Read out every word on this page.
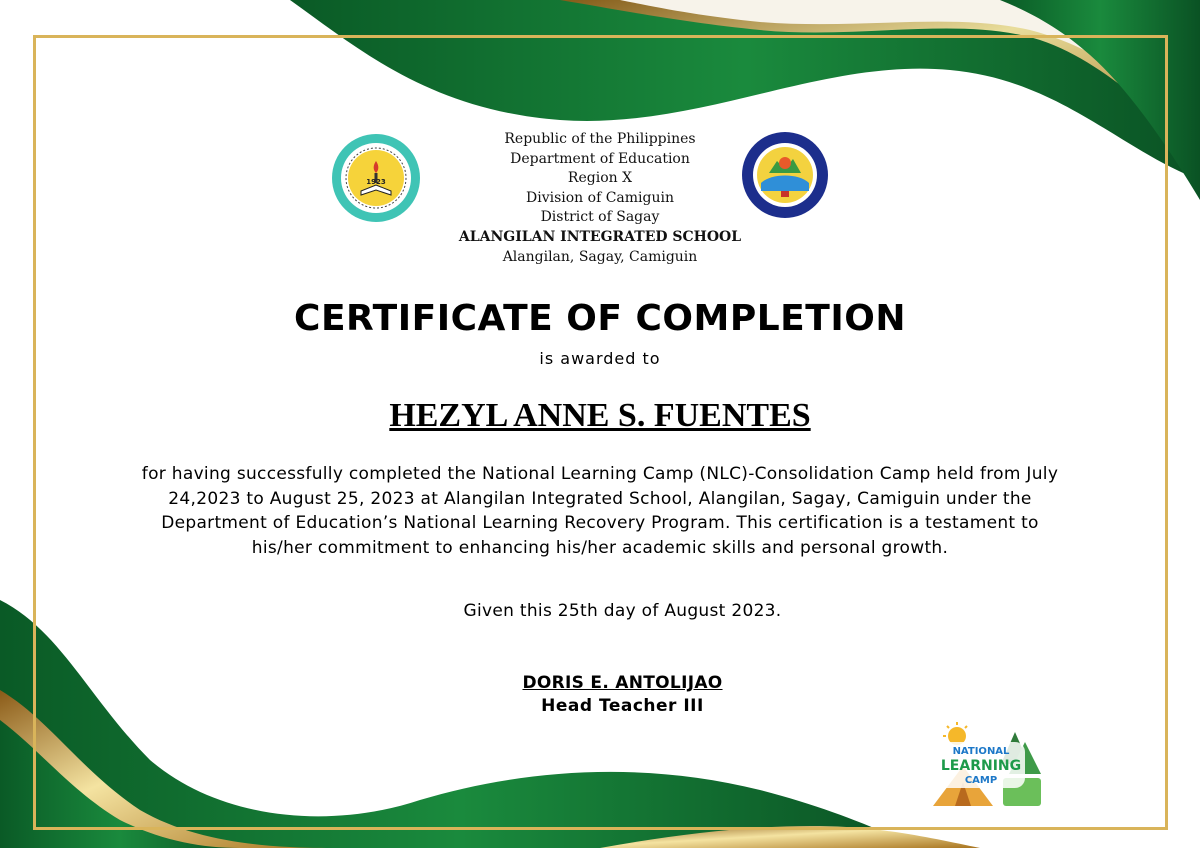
1923
Republic of the Philippines
Department of Education
Region X
Division of Camiguin
District of Sagay
ALANGILAN INTEGRATED SCHOOL
Alangilan, Sagay, Camiguin
CERTIFICATE OF COMPLETION
is awarded to
HEZYL ANNE S. FUENTES
for having successfully completed the National Learning Camp (NLC)-Consolidation Camp held from July 24,2023 to August 25, 2023 at Alangilan Integrated School, Alangilan, Sagay, Camiguin under the Department of Education’s National Learning Recovery Program. This certification is a testament to his/her commitment to enhancing his/her academic skills and personal growth.
Given this 25th day of August 2023.
DORIS E. ANTOLIJAO
Head Teacher III
NATIONAL
LEARNING
CAMP
